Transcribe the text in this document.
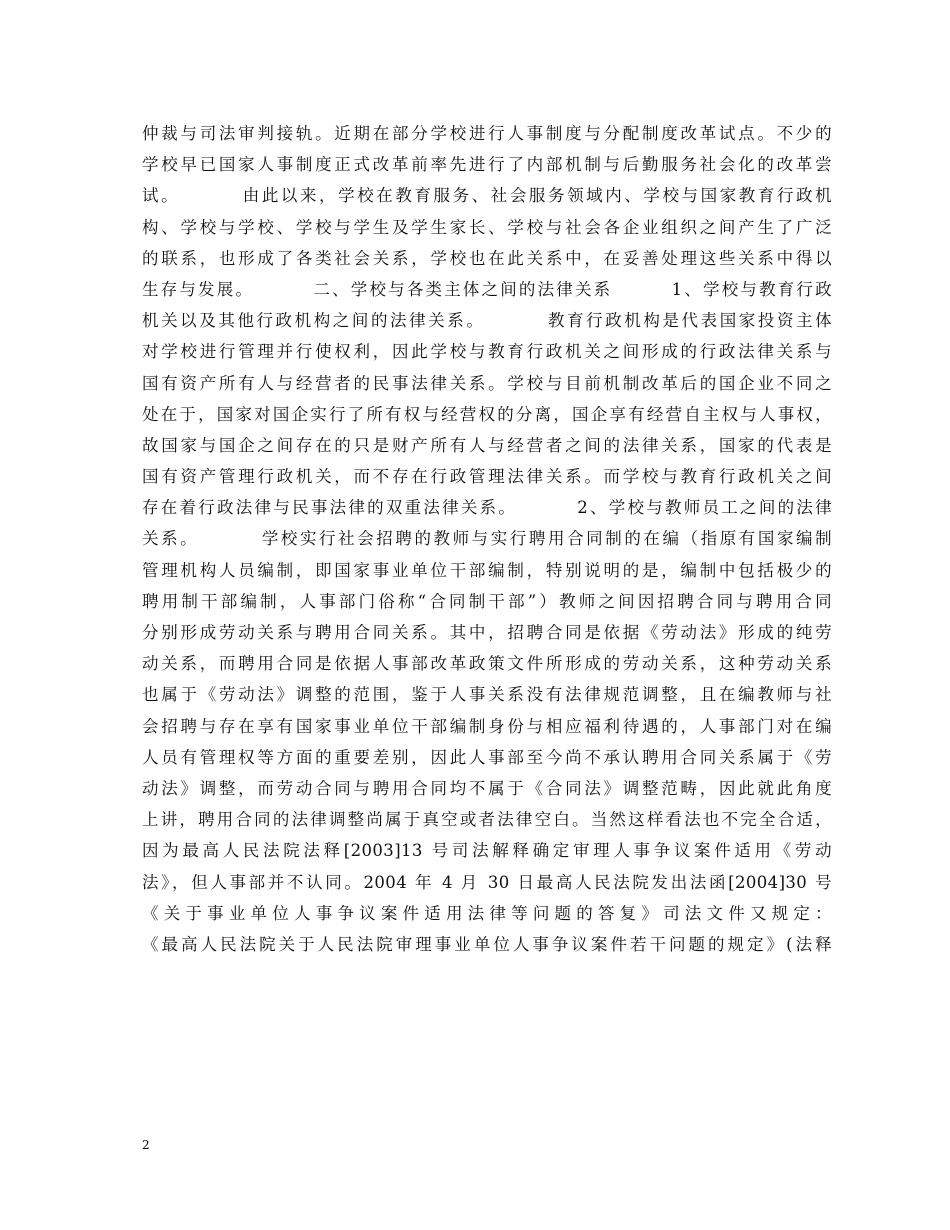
仲裁与司法审判接轨。近期在部分学校进行人事制度与分配制度改革试点。不少的
学校早已国家人事制度正式改革前率先进行了内部机制与后勤服务社会化的改革尝
试。        由此以来，学校在教育服务、社会服务领域内、学校与国家教育行政机
构、学校与学校、学校与学生及学生家长、学校与社会各企业组织之间产生了广泛
的联系，也形成了各类社会关系，学校也在此关系中，在妥善处理这些关系中得以
生存与发展。        二、学校与各类主体之间的法律关系        1、学校与教育行政
机关以及其他行政机构之间的法律关系。        教育行政机构是代表国家投资主体
对学校进行管理并行使权利，因此学校与教育行政机关之间形成的行政法律关系与
国有资产所有人与经营者的民事法律关系。学校与目前机制改革后的国企业不同之
处在于，国家对国企实行了所有权与经营权的分离，国企享有经营自主权与人事权，
故国家与国企之间存在的只是财产所有人与经营者之间的法律关系，国家的代表是
国有资产管理行政机关，而不存在行政管理法律关系。而学校与教育行政机关之间
存在着行政法律与民事法律的双重法律关系。        2、学校与教师员工之间的法律
关系。        学校实行社会招聘的教师与实行聘用合同制的在编（指原有国家编制
管理机构人员编制，即国家事业单位干部编制，特别说明的是，编制中包括极少的
聘用制干部编制，人事部门俗称“合同制干部”）教师之间因招聘合同与聘用合同
分别形成劳动关系与聘用合同关系。其中，招聘合同是依据《劳动法》形成的纯劳
动关系，而聘用合同是依据人事部改革政策文件所形成的劳动关系，这种劳动关系
也属于《劳动法》调整的范围，鉴于人事关系没有法律规范调整，且在编教师与社
会招聘与存在享有国家事业单位干部编制身份与相应福利待遇的，人事部门对在编
人员有管理权等方面的重要差别，因此人事部至今尚不承认聘用合同关系属于《劳
动法》调整，而劳动合同与聘用合同均不属于《合同法》调整范畴，因此就此角度
上讲，聘用合同的法律调整尚属于真空或者法律空白。当然这样看法也不完全合适，
因为最高人民法院法释[2003]13 号司法解释确定审理人事争议案件适用《劳动
法》，但人事部并不认同。2004 年 4 月 30 日最高人民法院发出法函[2004]30 号
《关于事业单位人事争议案件适用法律等问题的答复》司法文件又规定：
《最高人民法院关于人民法院审理事业单位人事争议案件若干问题的规定》(法释
2
